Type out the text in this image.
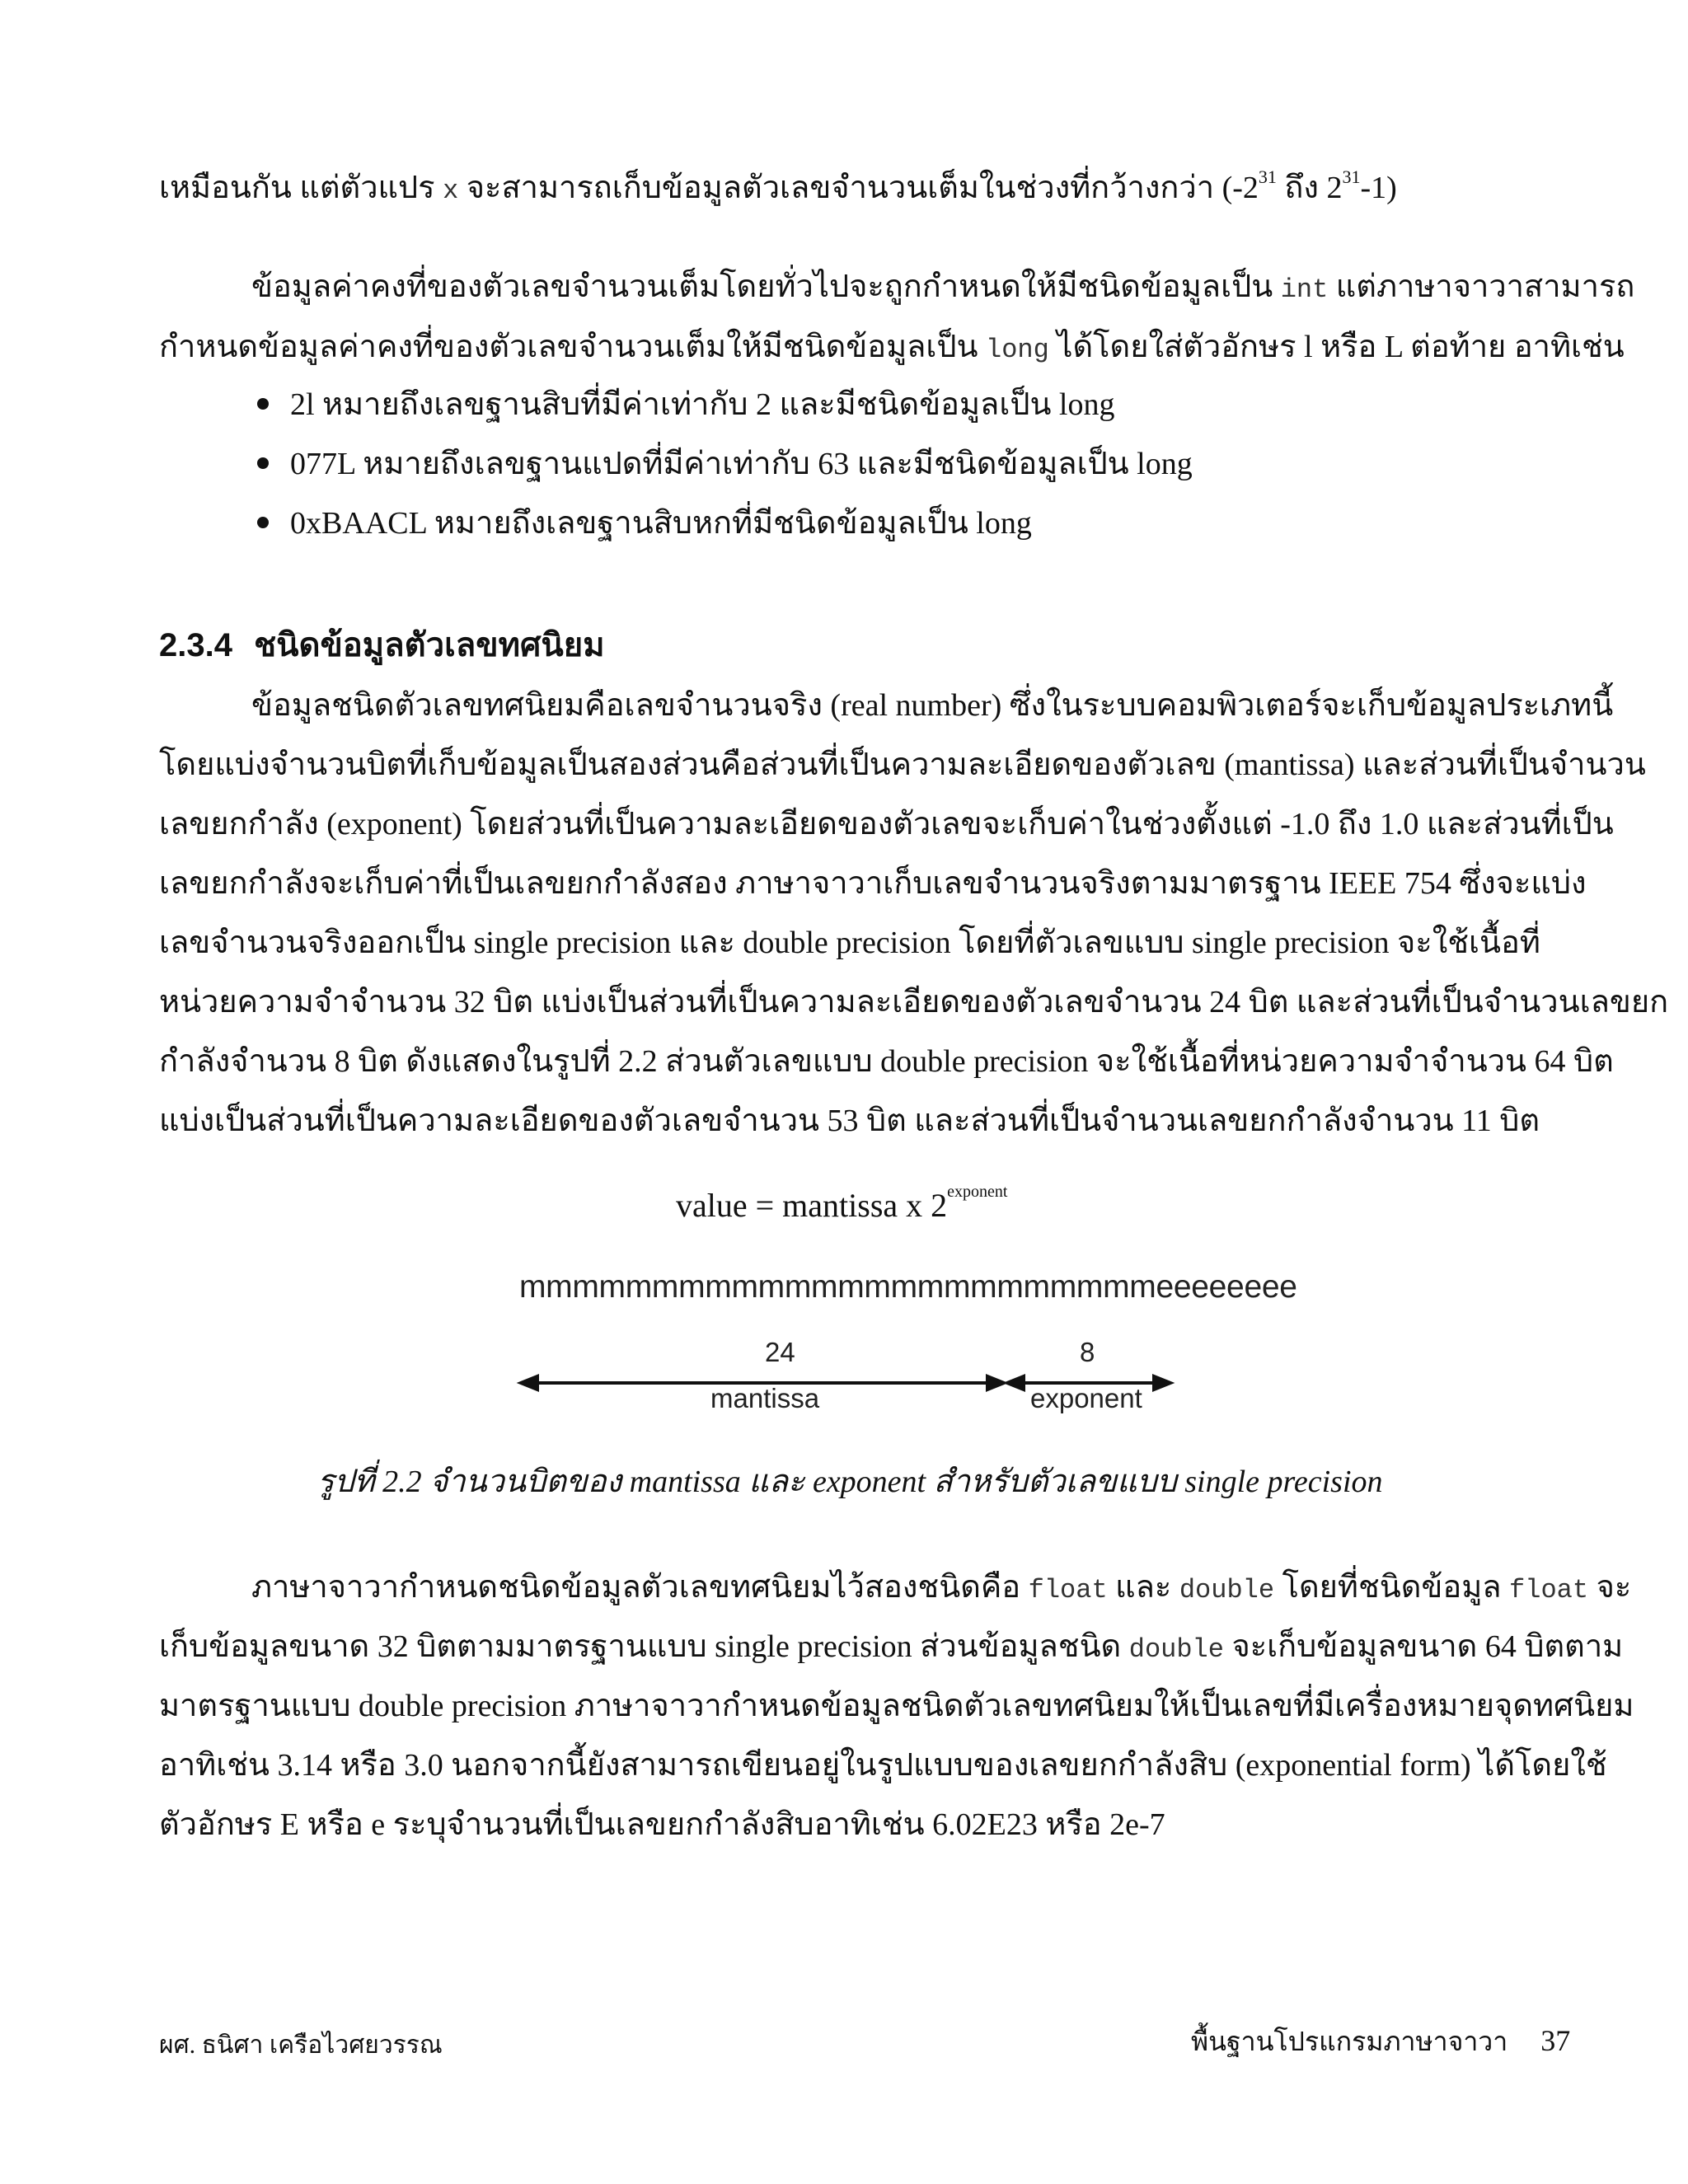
เหมือนกัน แต่ตัวแปร x จะสามารถเก็บข้อมูลตัวเลขจำนวนเต็มในช่วงที่กว้างกว่า ($-2^{31}$ ถึง $2^{31}-1$)
ข้อมูลค่าคงที่ของตัวเลขจำนวนเต็มโดยทั่วไปจะถูกกำหนดให้มีชนิดข้อมูลเป็น int แต่ภาษาจาวาสามารถ
กำหนดข้อมูลค่าคงที่ของตัวเลขจำนวนเต็มให้มีชนิดข้อมูลเป็น long ได้โดยใส่ตัวอักษร l หรือ L ต่อท้าย อาทิเช่น
2l หมายถึงเลขฐานสิบที่มีค่าเท่ากับ 2 และมีชนิดข้อมูลเป็น long
077L หมายถึงเลขฐานแปดที่มีค่าเท่ากับ 63 และมีชนิดข้อมูลเป็น long
0xBAACL หมายถึงเลขฐานสิบหกที่มีชนิดข้อมูลเป็น long
2.3.4 ชนิดข้อมูลตัวเลขทศนิยม
ข้อมูลชนิดตัวเลขทศนิยมคือเลขจำนวนจริง (real number) ซึ่งในระบบคอมพิวเตอร์จะเก็บข้อมูลประเภทนี้
โดยแบ่งจำนวนบิตที่เก็บข้อมูลเป็นสองส่วนคือส่วนที่เป็นความละเอียดของตัวเลข (mantissa) และส่วนที่เป็นจำนวน
เลขยกกำลัง (exponent) โดยส่วนที่เป็นความละเอียดของตัวเลขจะเก็บค่าในช่วงตั้งแต่ -1.0 ถึง 1.0 และส่วนที่เป็น
เลขยกกำลังจะเก็บค่าที่เป็นเลขยกกำลังสอง ภาษาจาวาเก็บเลขจำนวนจริงตามมาตรฐาน IEEE 754 ซึ่งจะแบ่ง
เลขจำนวนจริงออกเป็น single precision และ double precision โดยที่ตัวเลขแบบ single precision จะใช้เนื้อที่
หน่วยความจำจำนวน 32 บิต แบ่งเป็นส่วนที่เป็นความละเอียดของตัวเลขจำนวน 24 บิต และส่วนที่เป็นจำนวนเลขยก
กำลังจำนวน 8 บิต ดังแสดงในรูปที่ 2.2 ส่วนตัวเลขแบบ double precision จะใช้เนื้อที่หน่วยความจำจำนวน 64 บิต
แบ่งเป็นส่วนที่เป็นความละเอียดของตัวเลขจำนวน 53 บิต และส่วนที่เป็นจำนวนเลขยกกำลังจำนวน 11 บิต
value = mantissa x $2^{exponent}$
mmmmmmmmmmmmmmmmmmmmmmmmeeeeeeee
24	8
mantissa	exponent
รูปที่ 2.2 จำนวนบิตของ mantissa และ exponent สำหรับตัวเลขแบบ single precision
ภาษาจาวากำหนดชนิดข้อมูลตัวเลขทศนิยมไว้สองชนิดคือ float และ double โดยที่ชนิดข้อมูล float จะ
เก็บข้อมูลขนาด 32 บิตตามมาตรฐานแบบ single precision ส่วนข้อมูลชนิด double จะเก็บข้อมูลขนาด 64 บิตตาม
มาตรฐานแบบ double precision ภาษาจาวากำหนดข้อมูลชนิดตัวเลขทศนิยมให้เป็นเลขที่มีเครื่องหมายจุดทศนิยม
อาทิเช่น 3.14 หรือ 3.0 นอกจากนี้ยังสามารถเขียนอยู่ในรูปแบบของเลขยกกำลังสิบ (exponential form) ได้โดยใช้
ตัวอักษร E หรือ e ระบุจำนวนที่เป็นเลขยกกำลังสิบอาทิเช่น 6.02E23 หรือ 2e-7
ผศ. ธนิศา เครือไวศยวรรณ	พื้นฐานโปรแกรมภาษาจาวา 37
